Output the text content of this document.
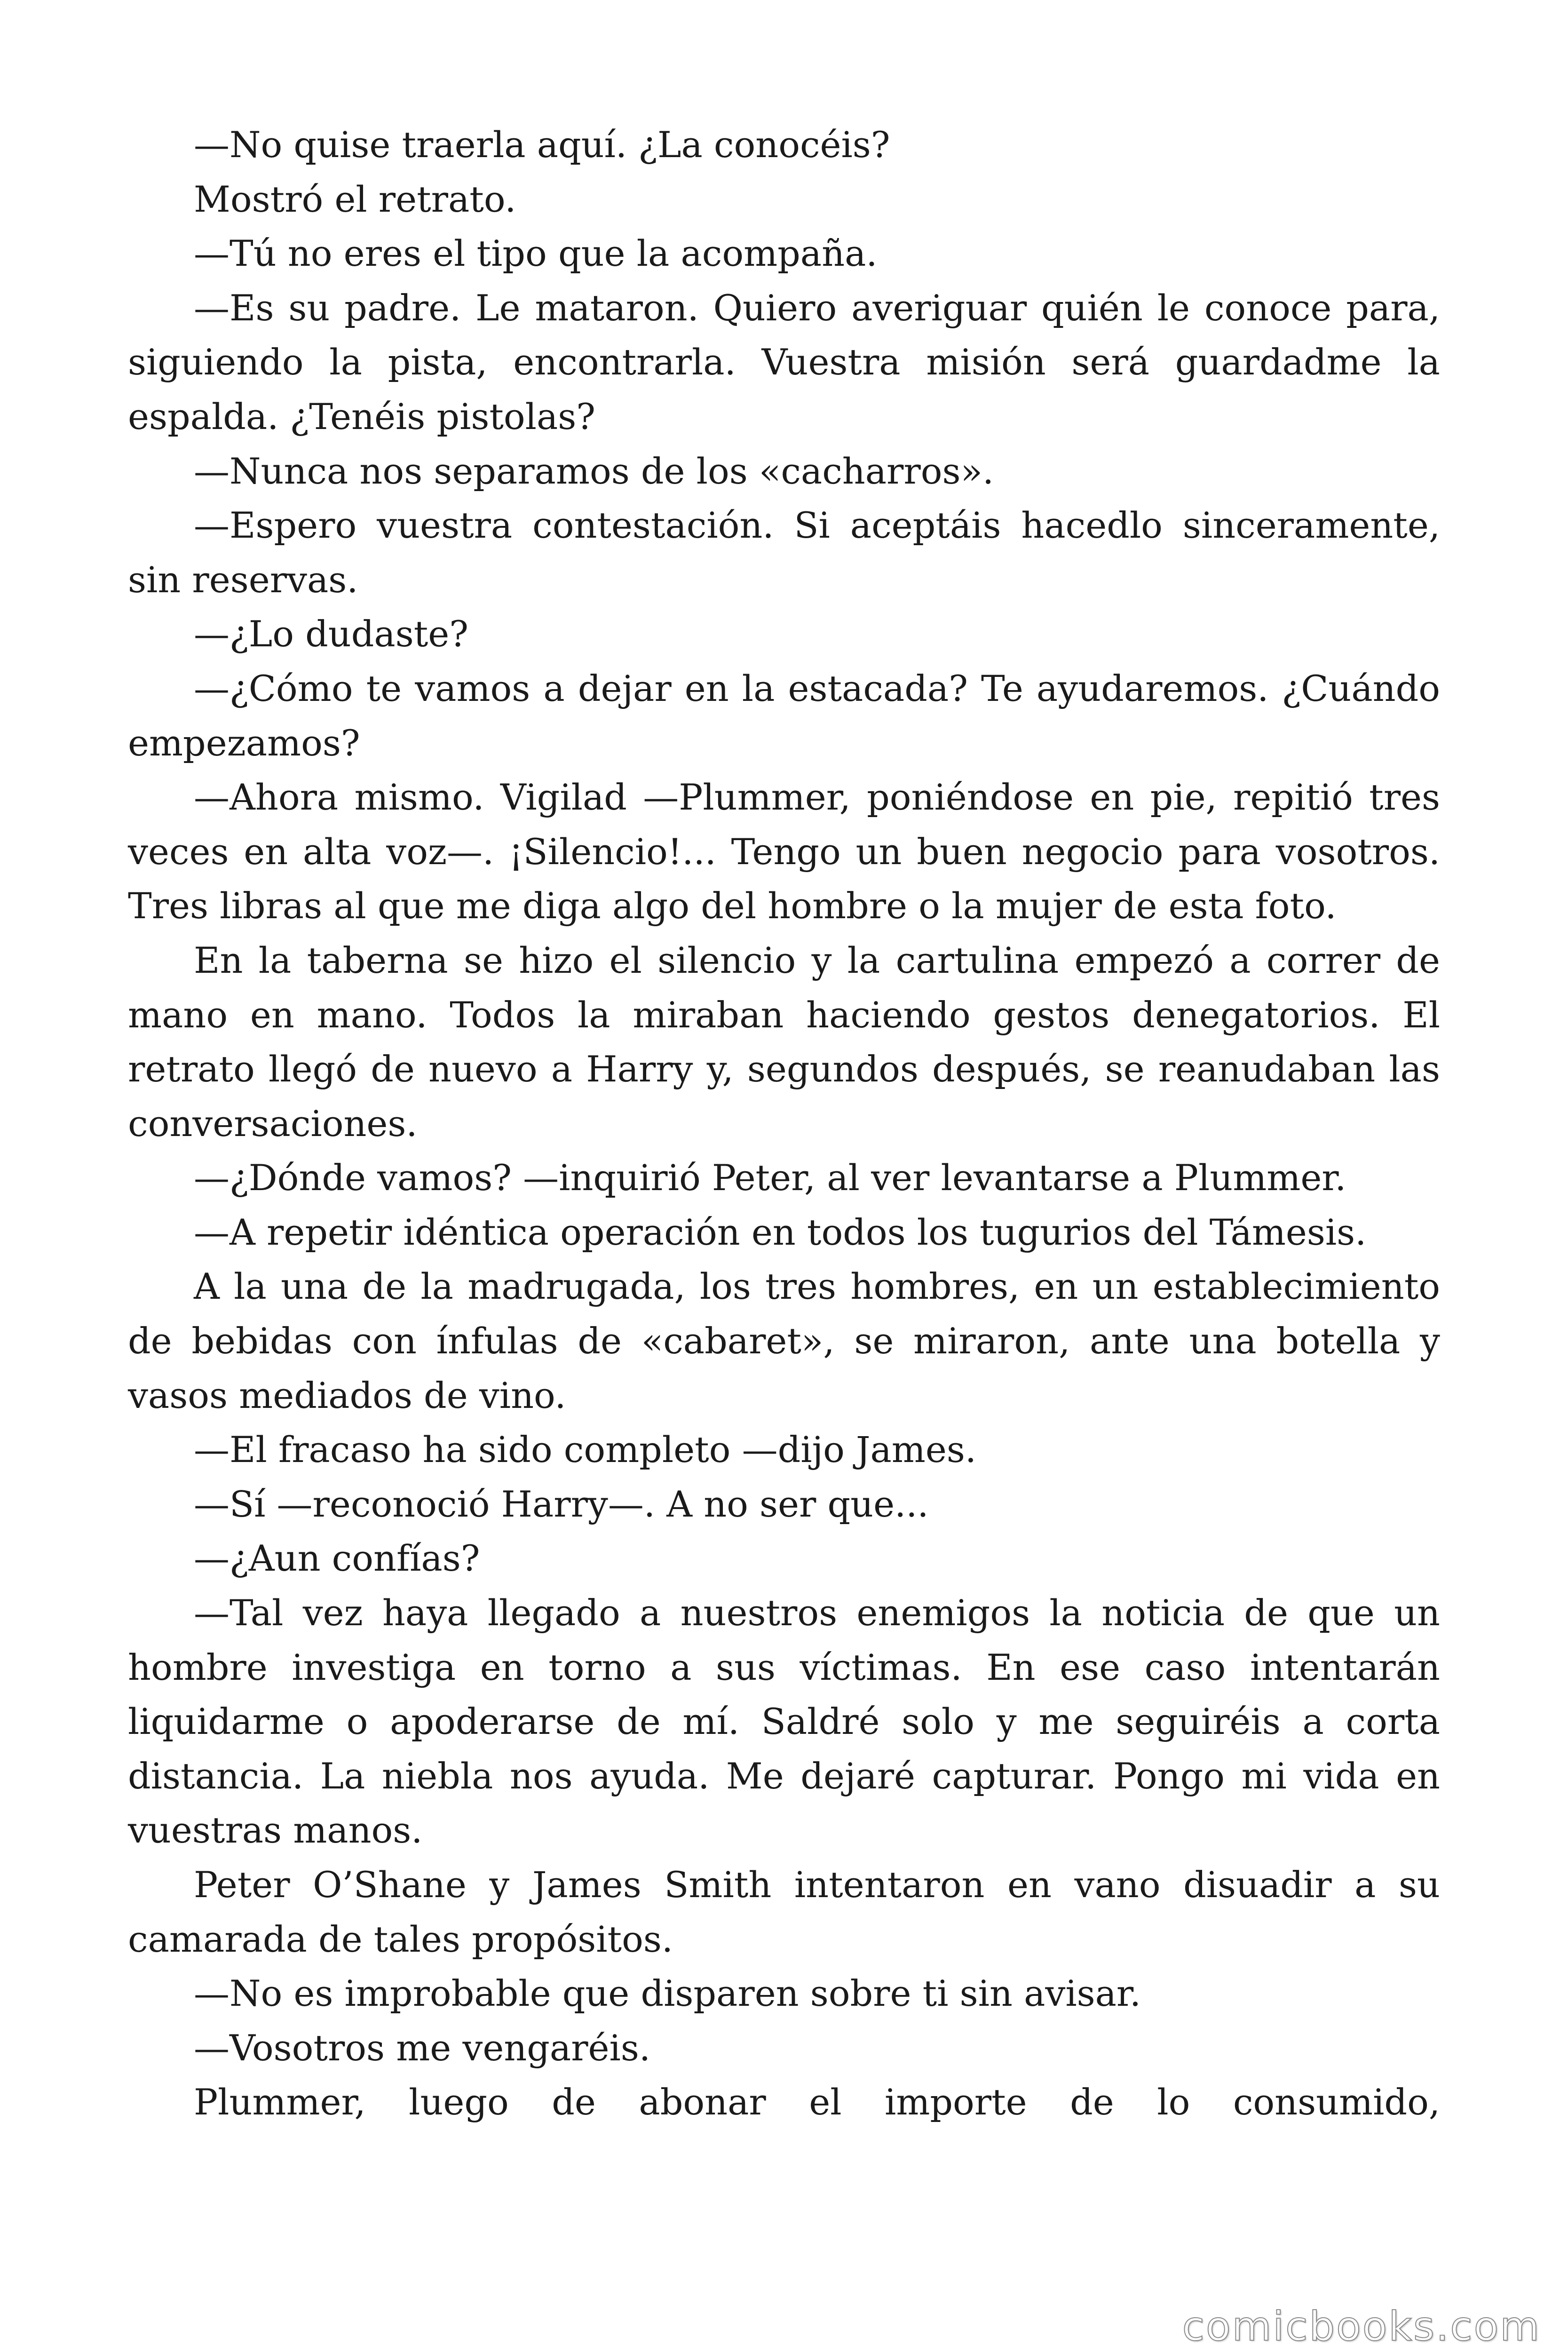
—No quise traerla aquí. ¿La conocéis?

Mostró el retrato.

—Tú no eres el tipo que la acompaña.

—Es su padre. Le mataron. Quiero averiguar quién le conoce para, siguiendo la pista, encontrarla. Vuestra misión será guardadme la espalda. ¿Tenéis pistolas?

—Nunca nos separamos de los «cacharros».

—Espero vuestra contestación. Si aceptáis hacedlo sinceramente, sin reservas.

—¿Lo dudaste?

—¿Cómo te vamos a dejar en la estacada? Te ayudaremos. ¿Cuándo empezamos?

—Ahora mismo. Vigilad —Plummer, poniéndose en pie, repitió tres veces en alta voz—. ¡Silencio!... Tengo un buen negocio para vosotros. Tres libras al que me diga algo del hombre o la mujer de esta foto.

En la taberna se hizo el silencio y la cartulina empezó a correr de mano en mano. Todos la miraban haciendo gestos denegatorios. El retrato llegó de nuevo a Harry y, segundos después, se reanudaban las conversaciones.

—¿Dónde vamos? —inquirió Peter, al ver levantarse a Plummer.

—A repetir idéntica operación en todos los tugurios del Támesis.

A la una de la madrugada, los tres hombres, en un establecimiento de bebidas con ínfulas de «cabaret», se miraron, ante una botella y vasos mediados de vino.

—El fracaso ha sido completo —dijo James.

—Sí —reconoció Harry—. A no ser que...

—¿Aun confías?

—Tal vez haya llegado a nuestros enemigos la noticia de que un hombre investiga en torno a sus víctimas. En ese caso intentarán liquidarme o apoderarse de mí. Saldré solo y me seguiréis a corta distancia. La niebla nos ayuda. Me dejaré capturar. Pongo mi vida en vuestras manos.

Peter O’Shane y James Smith intentaron en vano disuadir a su camarada de tales propósitos.

—No es improbable que disparen sobre ti sin avisar.

—Vosotros me vengaréis.

Plummer, luego de abonar el importe de lo consumido,

comicbooks.com
